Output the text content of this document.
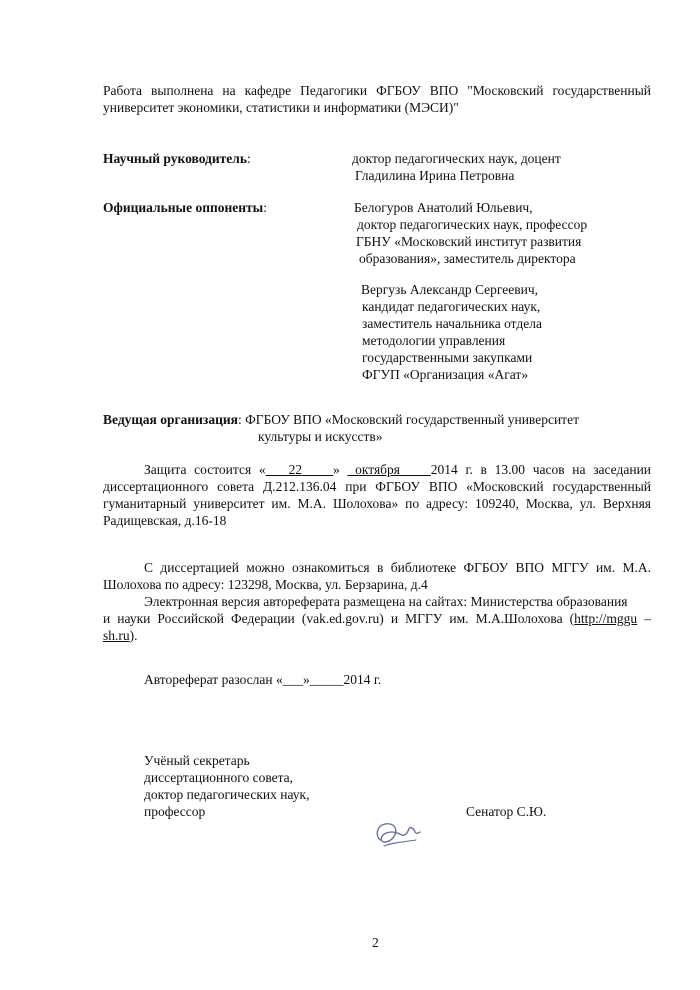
Работа выполнена на кафедре Педагогики ФГБОУ ВПО "Московский государственный
университет экономики, статистики и информатики (МЭСИ)"
Научный руководитель:	доктор педагогических наук, доцент
Гладилина Ирина Петровна
Официальные оппоненты:	Белогуров Анатолий Юльевич,
доктор педагогических наук, профессор
ГБНУ «Московский институт развития
образования», заместитель директора
Вергузь Александр Сергеевич,
кандидат педагогических наук,
заместитель начальника отдела
методологии управления
государственными закупками
ФГУП «Организация «Агат»
Ведущая организация: ФГБОУ ВПО «Московский государственный университет
культуры и искусств»
Защита состоится «   22    »  октября    2014 г. в 13.00 часов на заседании
диссертационного совета Д.212.136.04 при ФГБОУ ВПО «Московский государственный
гуманитарный университет им. М.А. Шолохова» по адресу: 109240, Москва, ул. Верхняя
Радищевская, д.16-18
С диссертацией можно ознакомиться в библиотеке ФГБОУ ВПО МГГУ им. М.А.
Шолохова по адресу: 123298, Москва, ул. Берзарина, д.4
Электронная версия автореферата размещена на сайтах: Министерства образования
и науки Российской Федерации (vak.ed.gov.ru) и МГГУ им. М.А.Шолохова (http://mggu –
sh.ru).
Автореферат разослан «___»_____2014 г.
Учёный секретарь
диссертационного совета,
доктор педагогических наук,
профессор	Сенатор С.Ю.
2
